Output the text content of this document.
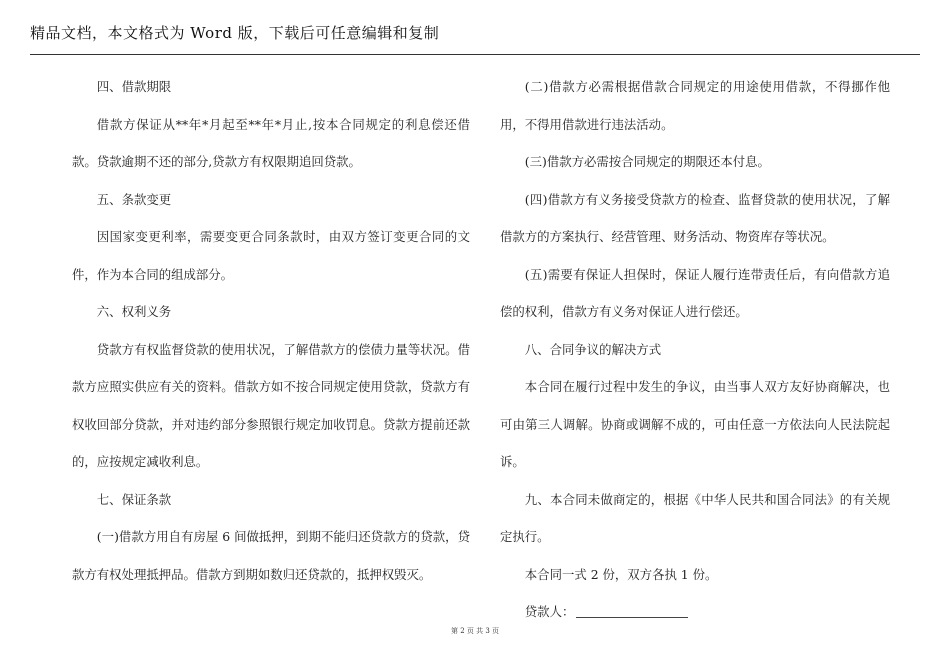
精品文档，本文格式为 Word 版，下载后可任意编辑和复制

四、借款期限

借款方保证从**年*月起至**年*月止,按本合同规定的利息偿还借款。贷款逾期不还的部分,贷款方有权限期追回贷款。

五、条款变更

因国家变更利率，需要变更合同条款时，由双方签订变更合同的文件，作为本合同的组成部分。

六、权利义务

贷款方有权监督贷款的使用状况，了解借款方的偿债力量等状况。借款方应照实供应有关的资料。借款方如不按合同规定使用贷款，贷款方有权收回部分贷款，并对违约部分参照银行规定加收罚息。贷款方提前还款的，应按规定减收利息。

七、保证条款

(一)借款方用自有房屋 6 间做抵押，到期不能归还贷款方的贷款，贷款方有权处理抵押品。借款方到期如数归还贷款的，抵押权毁灭。

(二)借款方必需根据借款合同规定的用途使用借款，不得挪作他用，不得用借款进行违法活动。

(三)借款方必需按合同规定的期限还本付息。

(四)借款方有义务接受贷款方的检查、监督贷款的使用状况，了解借款方的方案执行、经营管理、财务活动、物资库存等状况。

(五)需要有保证人担保时，保证人履行连带责任后，有向借款方追偿的权利，借款方有义务对保证人进行偿还。

八、合同争议的解决方式

本合同在履行过程中发生的争议，由当事人双方友好协商解决，也可由第三人调解。协商或调解不成的，可由任意一方依法向人民法院起诉。

九、本合同未做商定的，根据《中华人民共和国合同法》的有关规定执行。

本合同一式 2 份，双方各执 1 份。

贷款人：

第 2 页 共 3 页
